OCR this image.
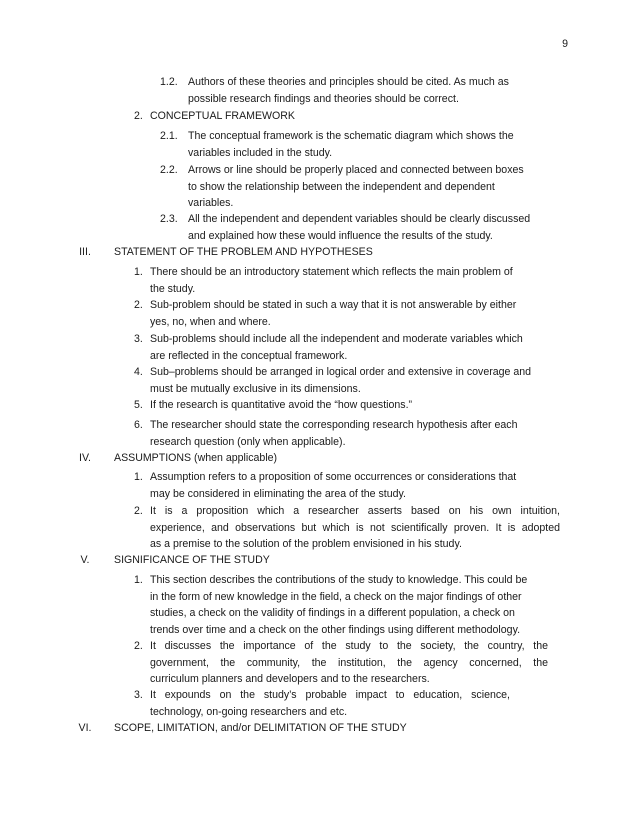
9
1.2. Authors of these theories and principles should be cited. As much as
possible research findings and theories should be correct.
2. CONCEPTUAL FRAMEWORK
2.1. The conceptual framework is the schematic diagram which shows the
variables included in the study.
2.2. Arrows or line should be properly placed and connected between boxes
to show the relationship between the independent and dependent
variables.
2.3. All the independent and dependent variables should be clearly discussed
and explained how these would influence the results of the study.
III.	STATEMENT OF THE PROBLEM AND HYPOTHESES
1. There should be an introductory statement which reflects the main problem of
the study.
2. Sub-problem should be stated in such a way that it is not answerable by either
yes, no, when and where.
3. Sub-problems should include all the independent and moderate variables which
are reflected in the conceptual framework.
4. Sub–problems should be arranged in logical order and extensive in coverage and
must be mutually exclusive in its dimensions.
5. If the research is quantitative avoid the “how questions.”
6. The researcher should state the corresponding research hypothesis after each
research question (only when applicable).
IV.	ASSUMPTIONS (when applicable)
1. Assumption refers to a proposition of some occurrences or considerations that
may be considered in eliminating the area of the study.
2. It is a proposition which a researcher asserts based on his own intuition,
experience, and observations but which is not scientifically proven. It is adopted
as a premise to the solution of the problem envisioned in his study.
V.	SIGNIFICANCE OF THE STUDY
1. This section describes the contributions of the study to knowledge. This could be
in the form of new knowledge in the field, a check on the major findings of other
studies, a check on the validity of findings in a different population, a check on
trends over time and a check on the other findings using different methodology.
2. It discusses the importance of the study to the society, the country, the
government, the community, the institution, the agency concerned, the
curriculum planners and developers and to the researchers.
3. It expounds on the study’s probable impact to education, science,
technology, on-going researchers and etc.
VI.	SCOPE, LIMITATION, and/or DELIMITATION OF THE STUDY
